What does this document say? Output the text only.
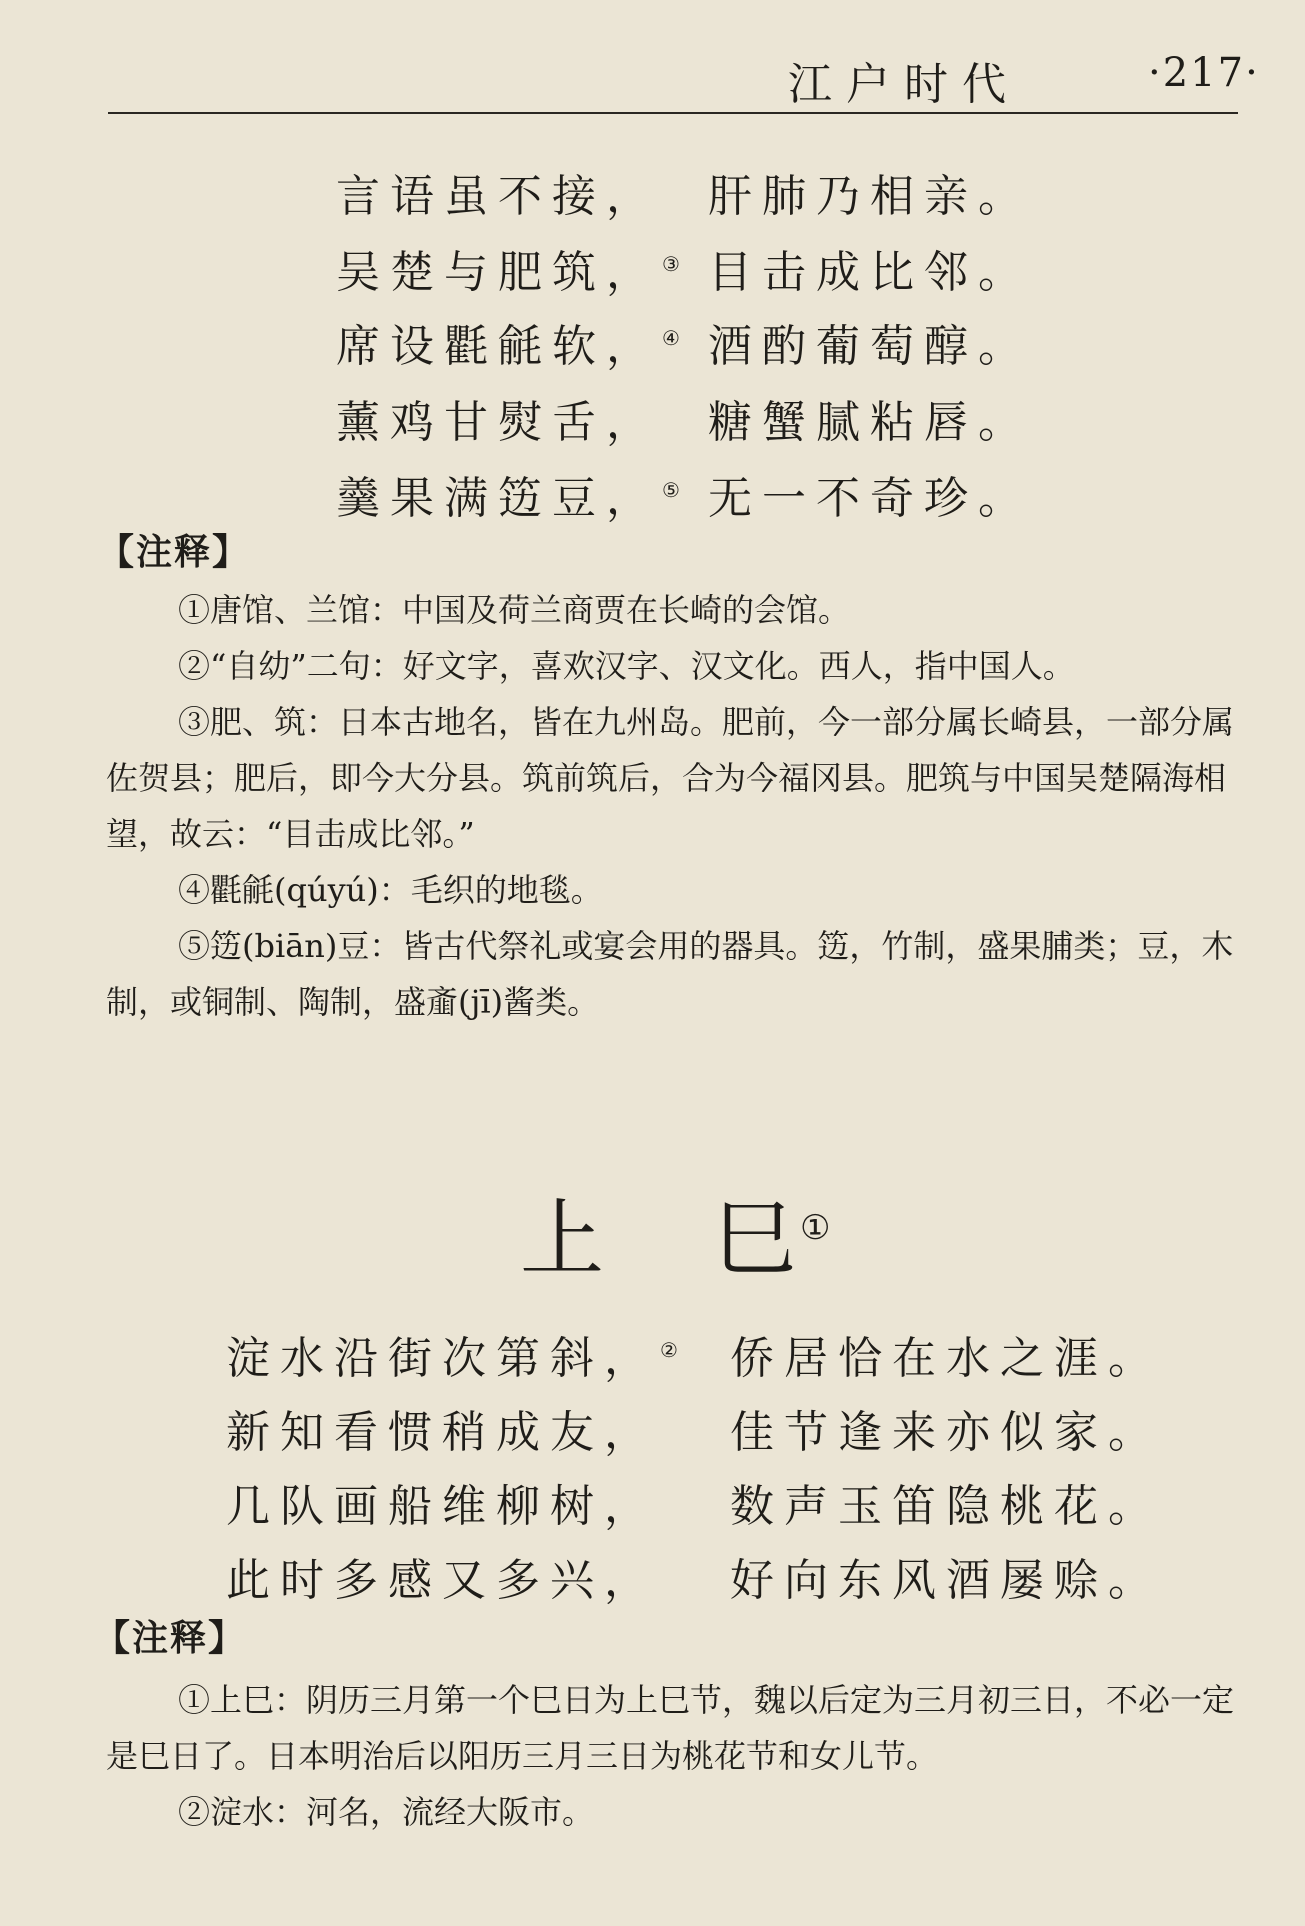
江户时代	·217·
言语虽不接， 肝肺乃相亲。
吴楚与肥筑， ③ 目击成比邻。
席设氍毹软， ④ 酒酌葡萄醇。
薰鸡甘熨舌， 糖蟹腻粘唇。
羹果满笾豆， ⑤ 无一不奇珍。
【注释】

①唐馆、兰馆：中国及荷兰商贾在长崎的会馆。

②“自幼”二句：好文字，喜欢汉字、汉文化。西人，指中国人。

③肥、筑：日本古地名，皆在九州岛。肥前，今一部分属长崎县，一部分属佐贺县；肥后，即今大分县。筑前筑后，合为今福冈县。肥筑与中国吴楚隔海相望，故云：“目击成比邻。”

④氍毹(qúyú)：毛织的地毯。

⑤笾(biān)豆：皆古代祭礼或宴会用的器具。笾，竹制，盛果脯类；豆，木制，或铜制、陶制，盛齑(jī)酱类。

上 巳 ①
淀水沿街次第斜， ② 侨居恰在水之涯。
新知看惯稍成友， 佳节逢来亦似家。
几队画船维柳树， 数声玉笛隐桃花。
此时多感又多兴， 好向东风酒屡赊。
【注释】

①上巳：阴历三月第一个巳日为上巳节，魏以后定为三月初三日，不必一定是巳日了。日本明治后以阳历三月三日为桃花节和女儿节。

②淀水：河名，流经大阪市。
